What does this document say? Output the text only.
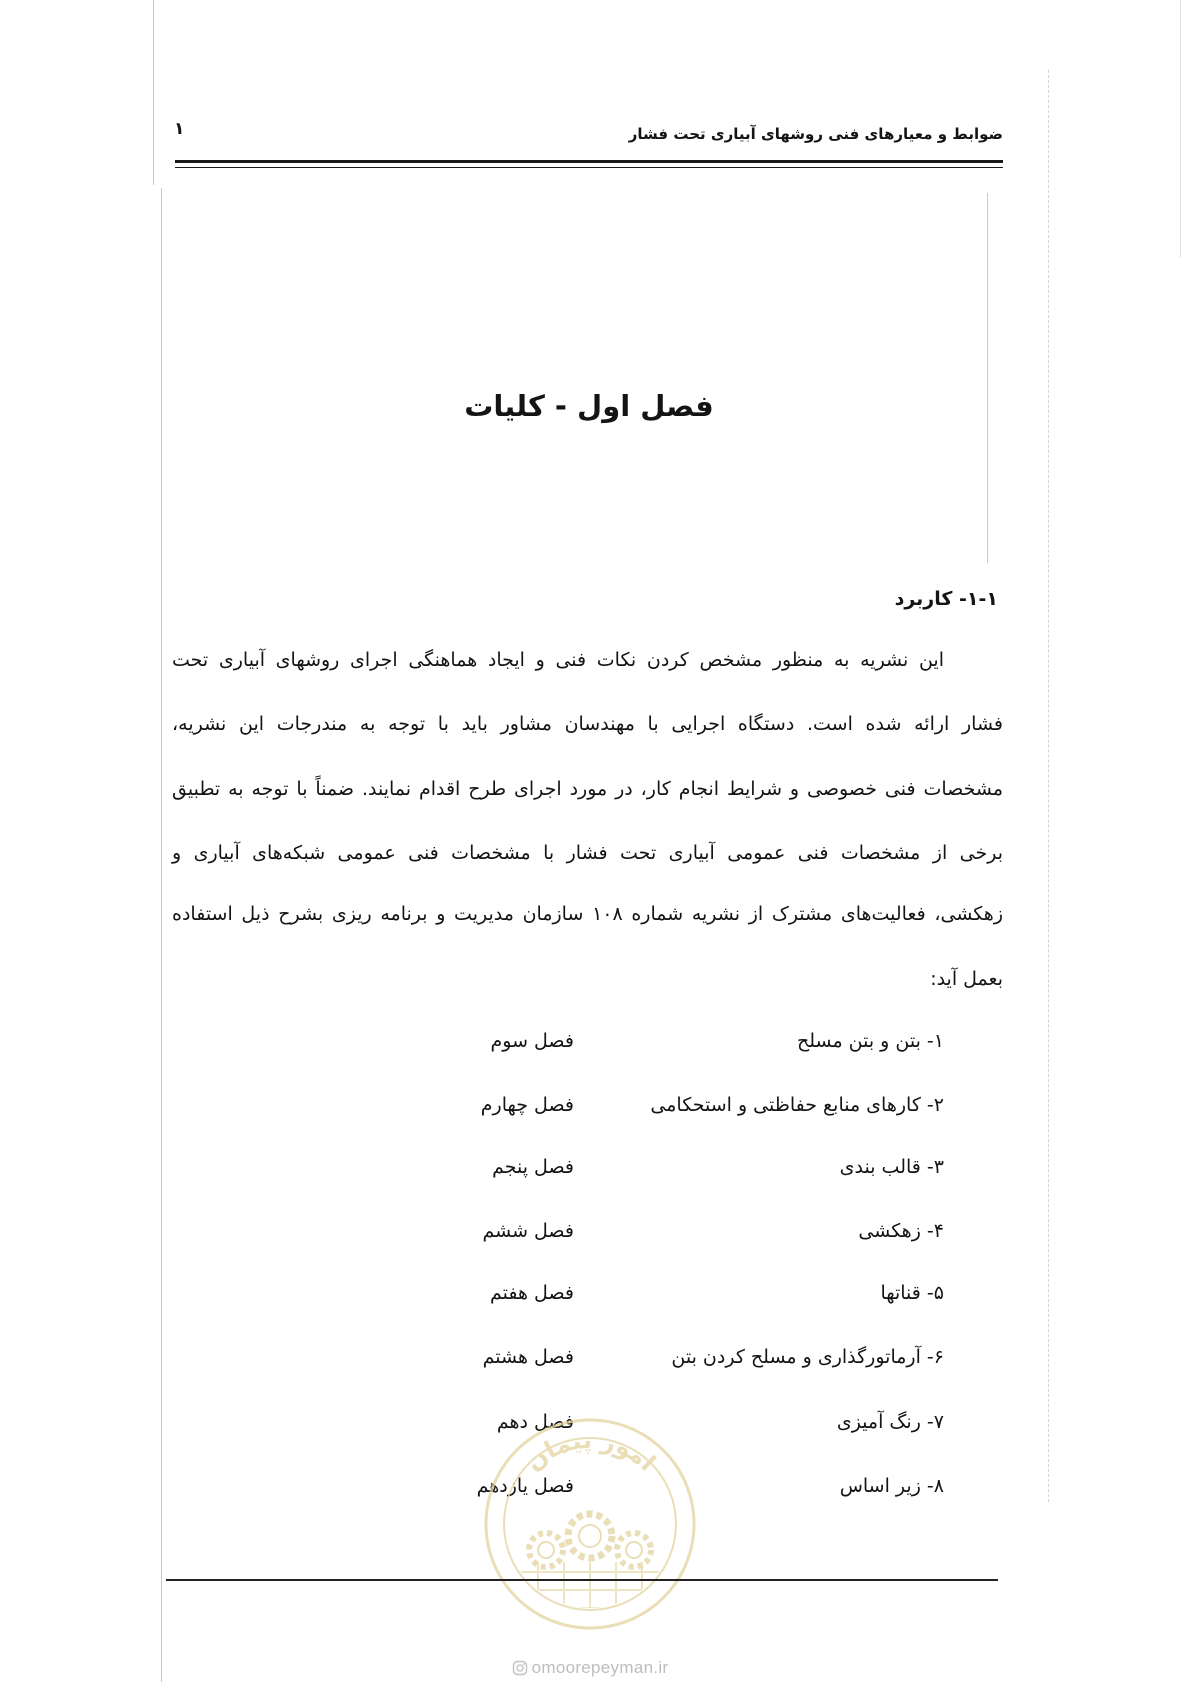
ضوابط و معیارهای فنی روشهای آبیاری تحت فشار
۱
فصل اول - کلیات
۱-۱- کاربرد
این نشریه به منظور مشخص کردن نکات فنی و ایجاد هماهنگی اجرای روشهای آبیاری تحت
فشار ارائه شده است. دستگاه اجرایی با مهندسان مشاور باید با توجه به مندرجات این نشریه،
مشخصات فنی خصوصی و شرایط انجام کار، در مورد اجرای طرح اقدام نمایند. ضمناً با توجه به تطبیق
برخی از مشخصات فنی عمومی آبیاری تحت فشار با مشخصات فنی عمومی شبکه‌های آبیاری و
زهکشی، فعالیت‌های مشترک از نشریه شماره ۱۰۸ سازمان مدیریت و برنامه ریزی بشرح ذیل استفاده
بعمل آید:
۱- بتن و بتن مسلح
فصل سوم
۲- کارهای منابع حفاظتی و استحکامی
فصل چهارم
۳- قالب بندی
فصل پنجم
۴- زهکشی
فصل ششم
۵- قناتها
فصل هفتم
۶- آرماتورگذاری و مسلح کردن بتن
فصل هشتم
۷- رنگ آمیزی
فصل دهم
۸- زیر اساس
فصل یازدهم
امور پیمان
omoorepeyman.ir
